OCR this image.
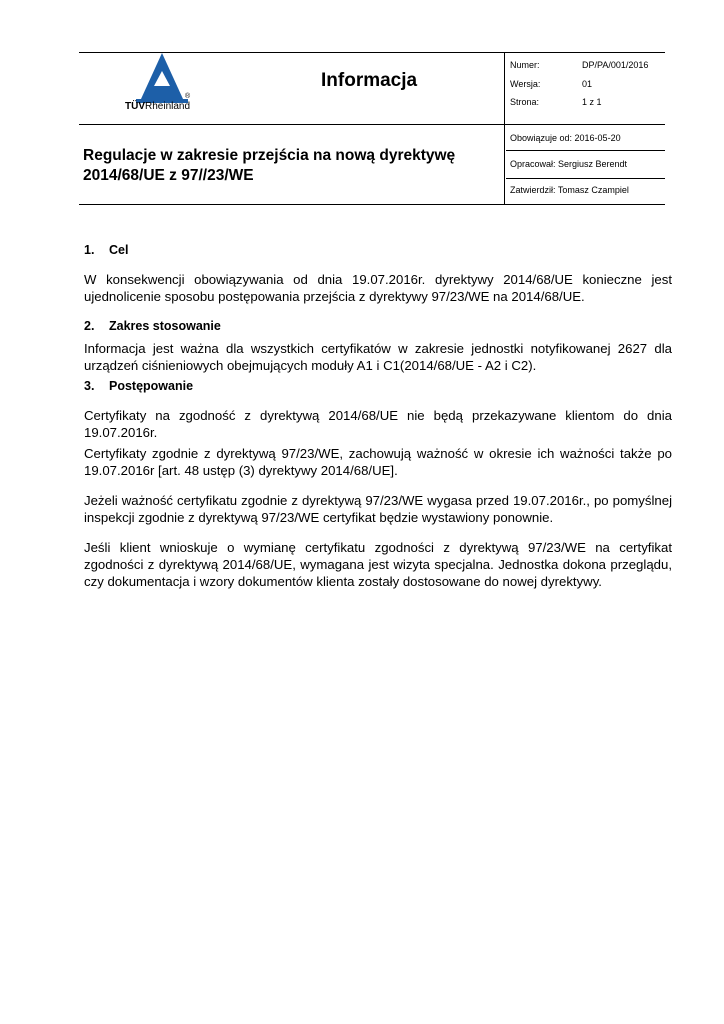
®
TÜVRheinland
Informacja
Numer:	DP/PA/001/2016
Wersja:	01
Strona:	1 z 1
Obowiązuje od: 2016-05-20
Opracował: Sergiusz Berendt
Zatwierdził: Tomasz Czampiel
Regulacje w zakresie przejścia na nową dyrektywę 2014/68/UE z 97//23/WE
1. Cel
W konsekwencji obowiązywania od dnia 19.07.2016r. dyrektywy 2014/68/UE konieczne jest ujednolicenie sposobu postępowania przejścia z dyrektywy 97/23/WE na 2014/68/UE.
2. Zakres stosowanie
Informacja jest ważna dla wszystkich certyfikatów w zakresie jednostki notyfikowanej 2627 dla urządzeń ciśnieniowych obejmujących moduły A1 i C1(2014/68/UE - A2 i C2).
3. Postępowanie
Certyfikaty na zgodność z dyrektywą 2014/68/UE nie będą przekazywane klientom do dnia 19.07.2016r.
Certyfikaty zgodnie z dyrektywą 97/23/WE, zachowują ważność w okresie ich ważności także po 19.07.2016r [art. 48 ustęp (3) dyrektywy 2014/68/UE].
Jeżeli ważność certyfikatu zgodnie z dyrektywą 97/23/WE wygasa przed 19.07.2016r., po pomyślnej inspekcji zgodnie z dyrektywą 97/23/WE certyfikat będzie wystawiony ponownie.
Jeśli klient wnioskuje o wymianę certyfikatu zgodności z dyrektywą 97/23/WE na certyfikat zgodności z dyrektywą 2014/68/UE, wymagana jest wizyta specjalna. Jednostka dokona przeglądu, czy dokumentacja i wzory dokumentów klienta zostały dostosowane do nowej dyrektywy.
